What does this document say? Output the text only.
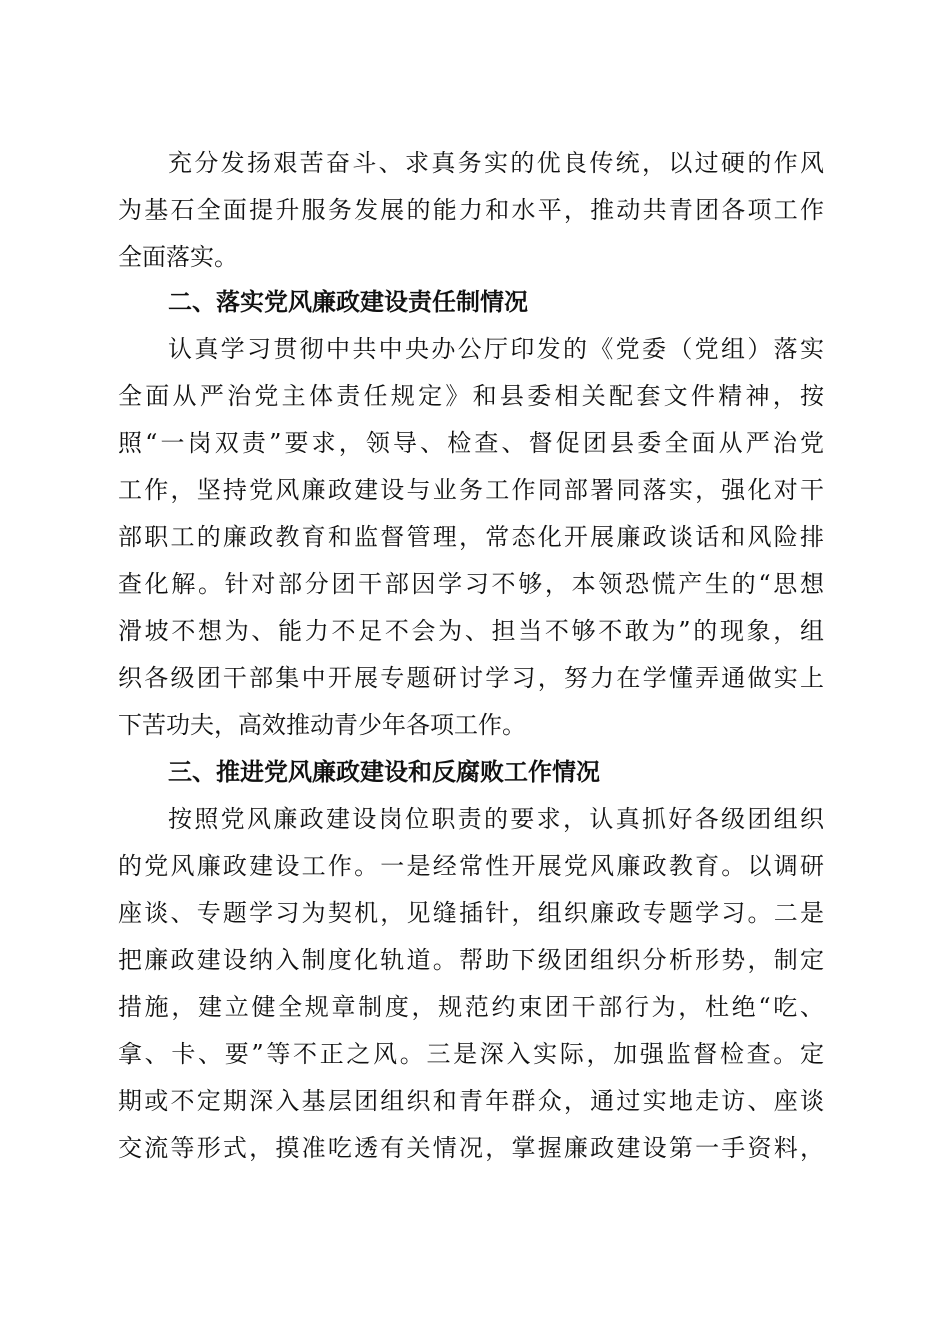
充分发扬艰苦奋斗、求真务实的优良传统，以过硬的作风
为基石全面提升服务发展的能力和水平，推动共青团各项工作
全面落实。
二、落实党风廉政建设责任制情况
认真学习贯彻中共中央办公厅印发的《党委（党组）落实
全面从严治党主体责任规定》和县委相关配套文件精神，按
照“一岗双责”要求，领导、检查、督促团县委全面从严治党
工作，坚持党风廉政建设与业务工作同部署同落实，强化对干
部职工的廉政教育和监督管理，常态化开展廉政谈话和风险排
查化解。针对部分团干部因学习不够，本领恐慌产生的“思想
滑坡不想为、能力不足不会为、担当不够不敢为”的现象，组
织各级团干部集中开展专题研讨学习，努力在学懂弄通做实上
下苦功夫，高效推动青少年各项工作。
三、推进党风廉政建设和反腐败工作情况
按照党风廉政建设岗位职责的要求，认真抓好各级团组织
的党风廉政建设工作。一是经常性开展党风廉政教育。以调研
座谈、专题学习为契机，见缝插针，组织廉政专题学习。二是
把廉政建设纳入制度化轨道。帮助下级团组织分析形势，制定
措施，建立健全规章制度，规范约束团干部行为，杜绝“吃、
拿、卡、要”等不正之风。三是深入实际，加强监督检查。定
期或不定期深入基层团组织和青年群众，通过实地走访、座谈
交流等形式，摸准吃透有关情况，掌握廉政建设第一手资料，
